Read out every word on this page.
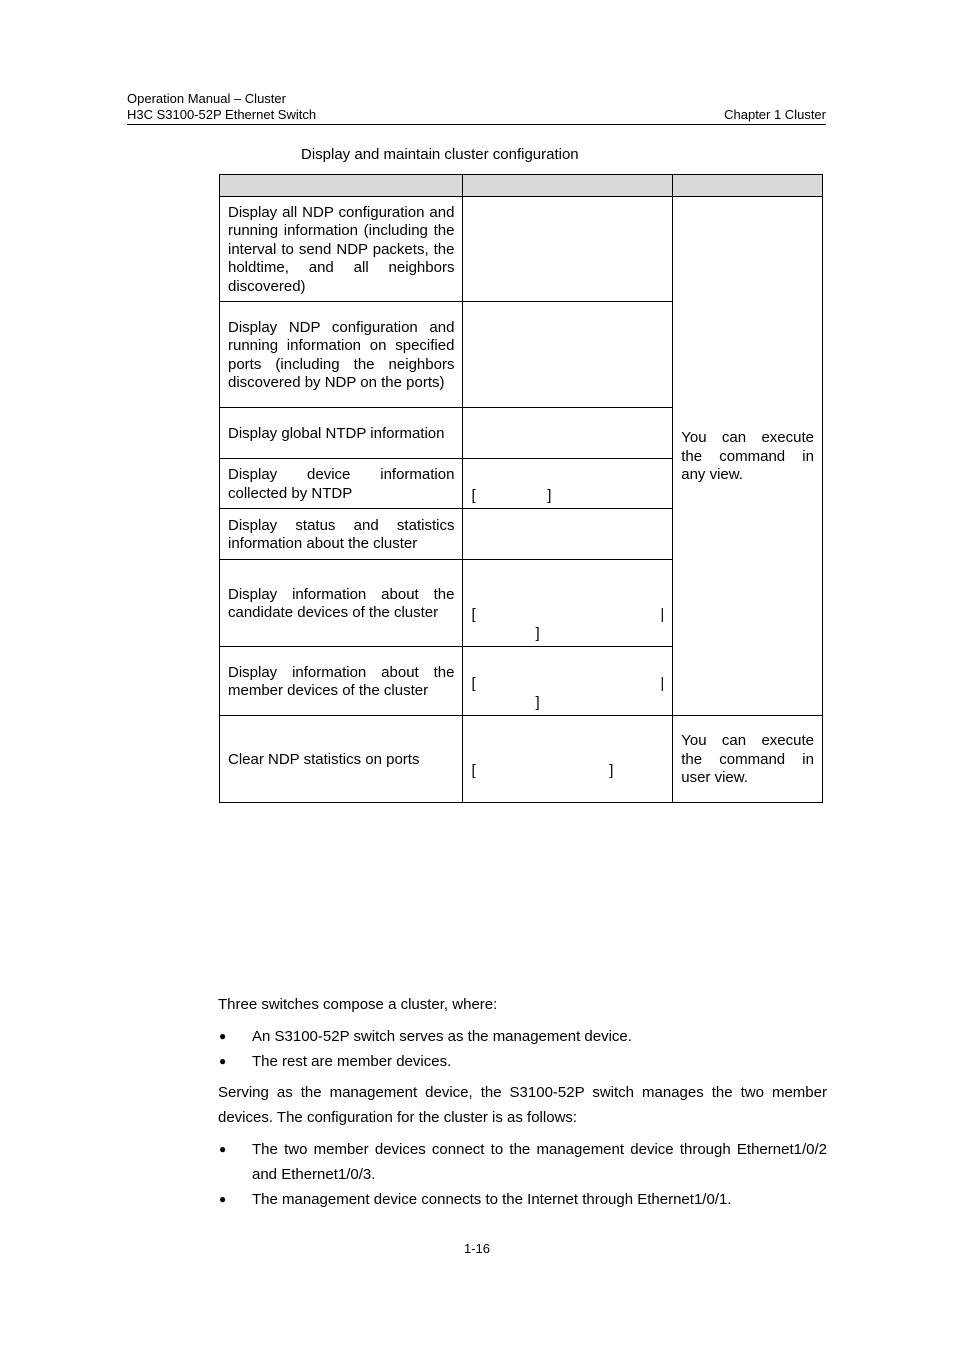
Operation Manual – Cluster
H3C S3100-52P Ethernet Switch	Chapter 1 Cluster
Display and maintain cluster configuration

Display all NDP configuration and running information (including the interval to send NDP packets, the holdtime, and all neighbors discovered)		You can execute the command in any view.
Display NDP configuration and running information on specified ports (including the neighbors discovered by NDP on the ports)		
Display global NTDP information		
Display device information collected by NTDP	[ ]	

Display status and statistics information about the cluster		
Display information about the candidate devices of the cluster	[ |
]	

Display information about the member devices of the cluster	[ |
]	

Clear NDP statistics on ports	[ ]	You can execute the command in user view.
Three switches compose a cluster, where:
● An S3100-52P switch serves as the management device.
● The rest are member devices.
Serving as the management device, the S3100-52P switch manages the two member devices. The configuration for the cluster is as follows:
● The two member devices connect to the management device through Ethernet1/0/2 and Ethernet1/0/3.
● The management device connects to the Internet through Ethernet1/0/1.
1-16
